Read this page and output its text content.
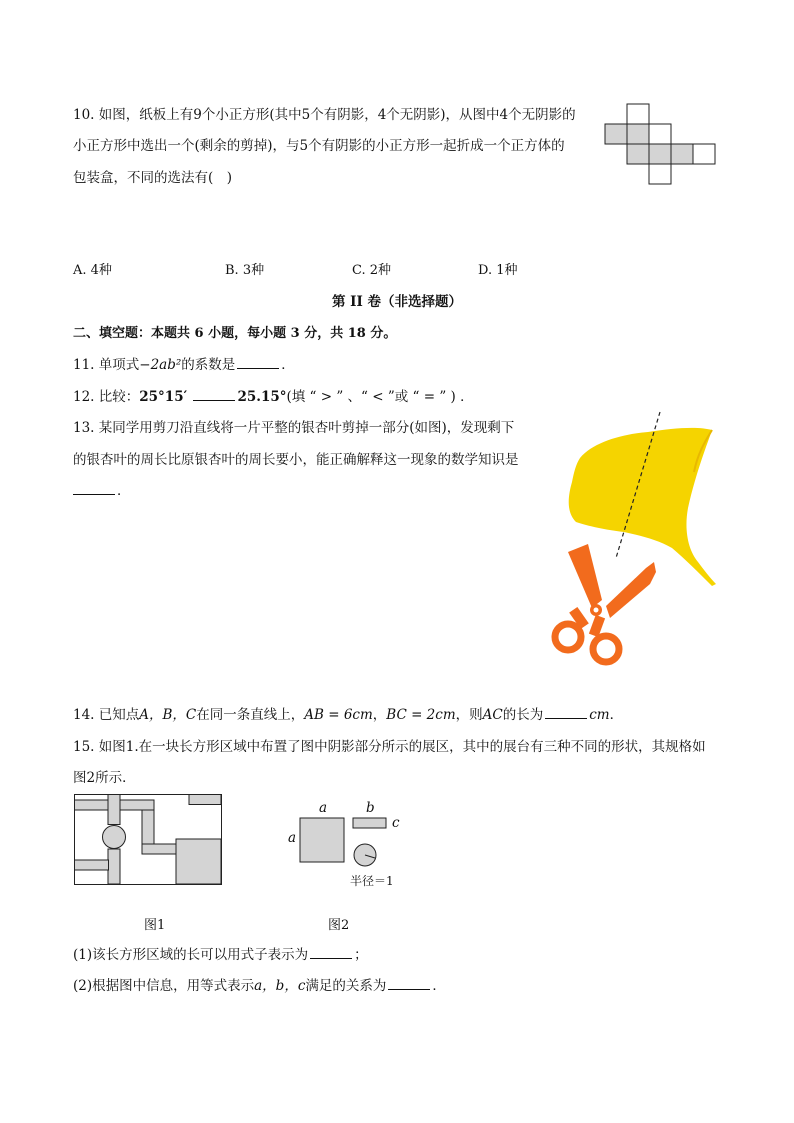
10. 如图，纸板上有9个小正方形(其中5个有阴影，4个无阴影)，从图中4个无阴影的
小正方形中选出一个(剩余的剪掉)，与5个有阴影的小正方形一起折成一个正方体的
包装盒，不同的选法有(　)
A. 4种	B. 3种	C. 2种	D. 1种
第 II 卷（非选择题）
二、填空题：本题共 6 小题，每小题 3 分，共 18 分。
11. 单项式−2ab²的系数是	．
12. 比较：25°15′	25.15°(填 “ > ” 、“ < ”或 “ = ” ) ．
13. 某同学用剪刀沿直线将一片平整的银杏叶剪掉一部分(如图)，发现剩下
的银杏叶的周长比原银杏叶的周长要小，能正确解释这一现象的数学知识是
．
14. 已知点A，B，C在同一条直线上，AB = 6cm，BC = 2cm，则AC的长为	cm．
15. 如图1.在一块长方形区域中布置了图中阴影部分所示的展区，其中的展台有三种不同的形状，其规格如
图2所示．
a
a
b
c
半径＝1
图1	图2
(1)该长方形区域的长可以用式子表示为	；
(2)根据图中信息，用等式表示a，b，c满足的关系为	．
